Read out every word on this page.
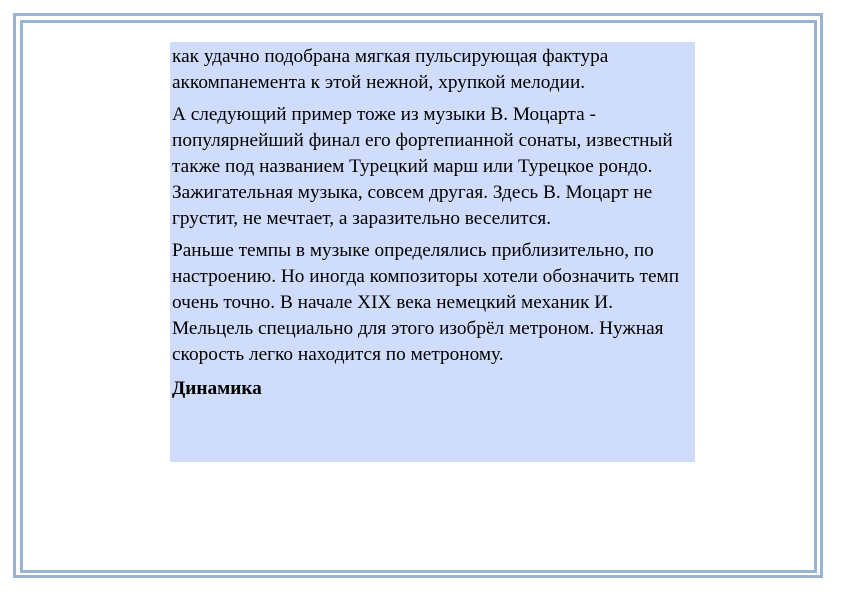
как удачно подобрана мягкая пульсирующая фактура аккомпанемента к этой нежной, хрупкой мелодии.

А следующий пример тоже из музыки В. Моцарта - популярнейший финал его фортепианной сонаты, известный также под названием Турецкий марш или Турецкое рондо. Зажигательная музыка, совсем другая. Здесь В. Моцарт не грустит, не мечтает, а заразительно веселится.

Раньше темпы в музыке определялись приблизительно, по настроению. Но иногда композиторы хотели обозначить темп очень точно. В начале XIX века немецкий механик И. Мельцель специально для этого изобрёл метроном. Нужная скорость легко находится по метроному.

Динамика
